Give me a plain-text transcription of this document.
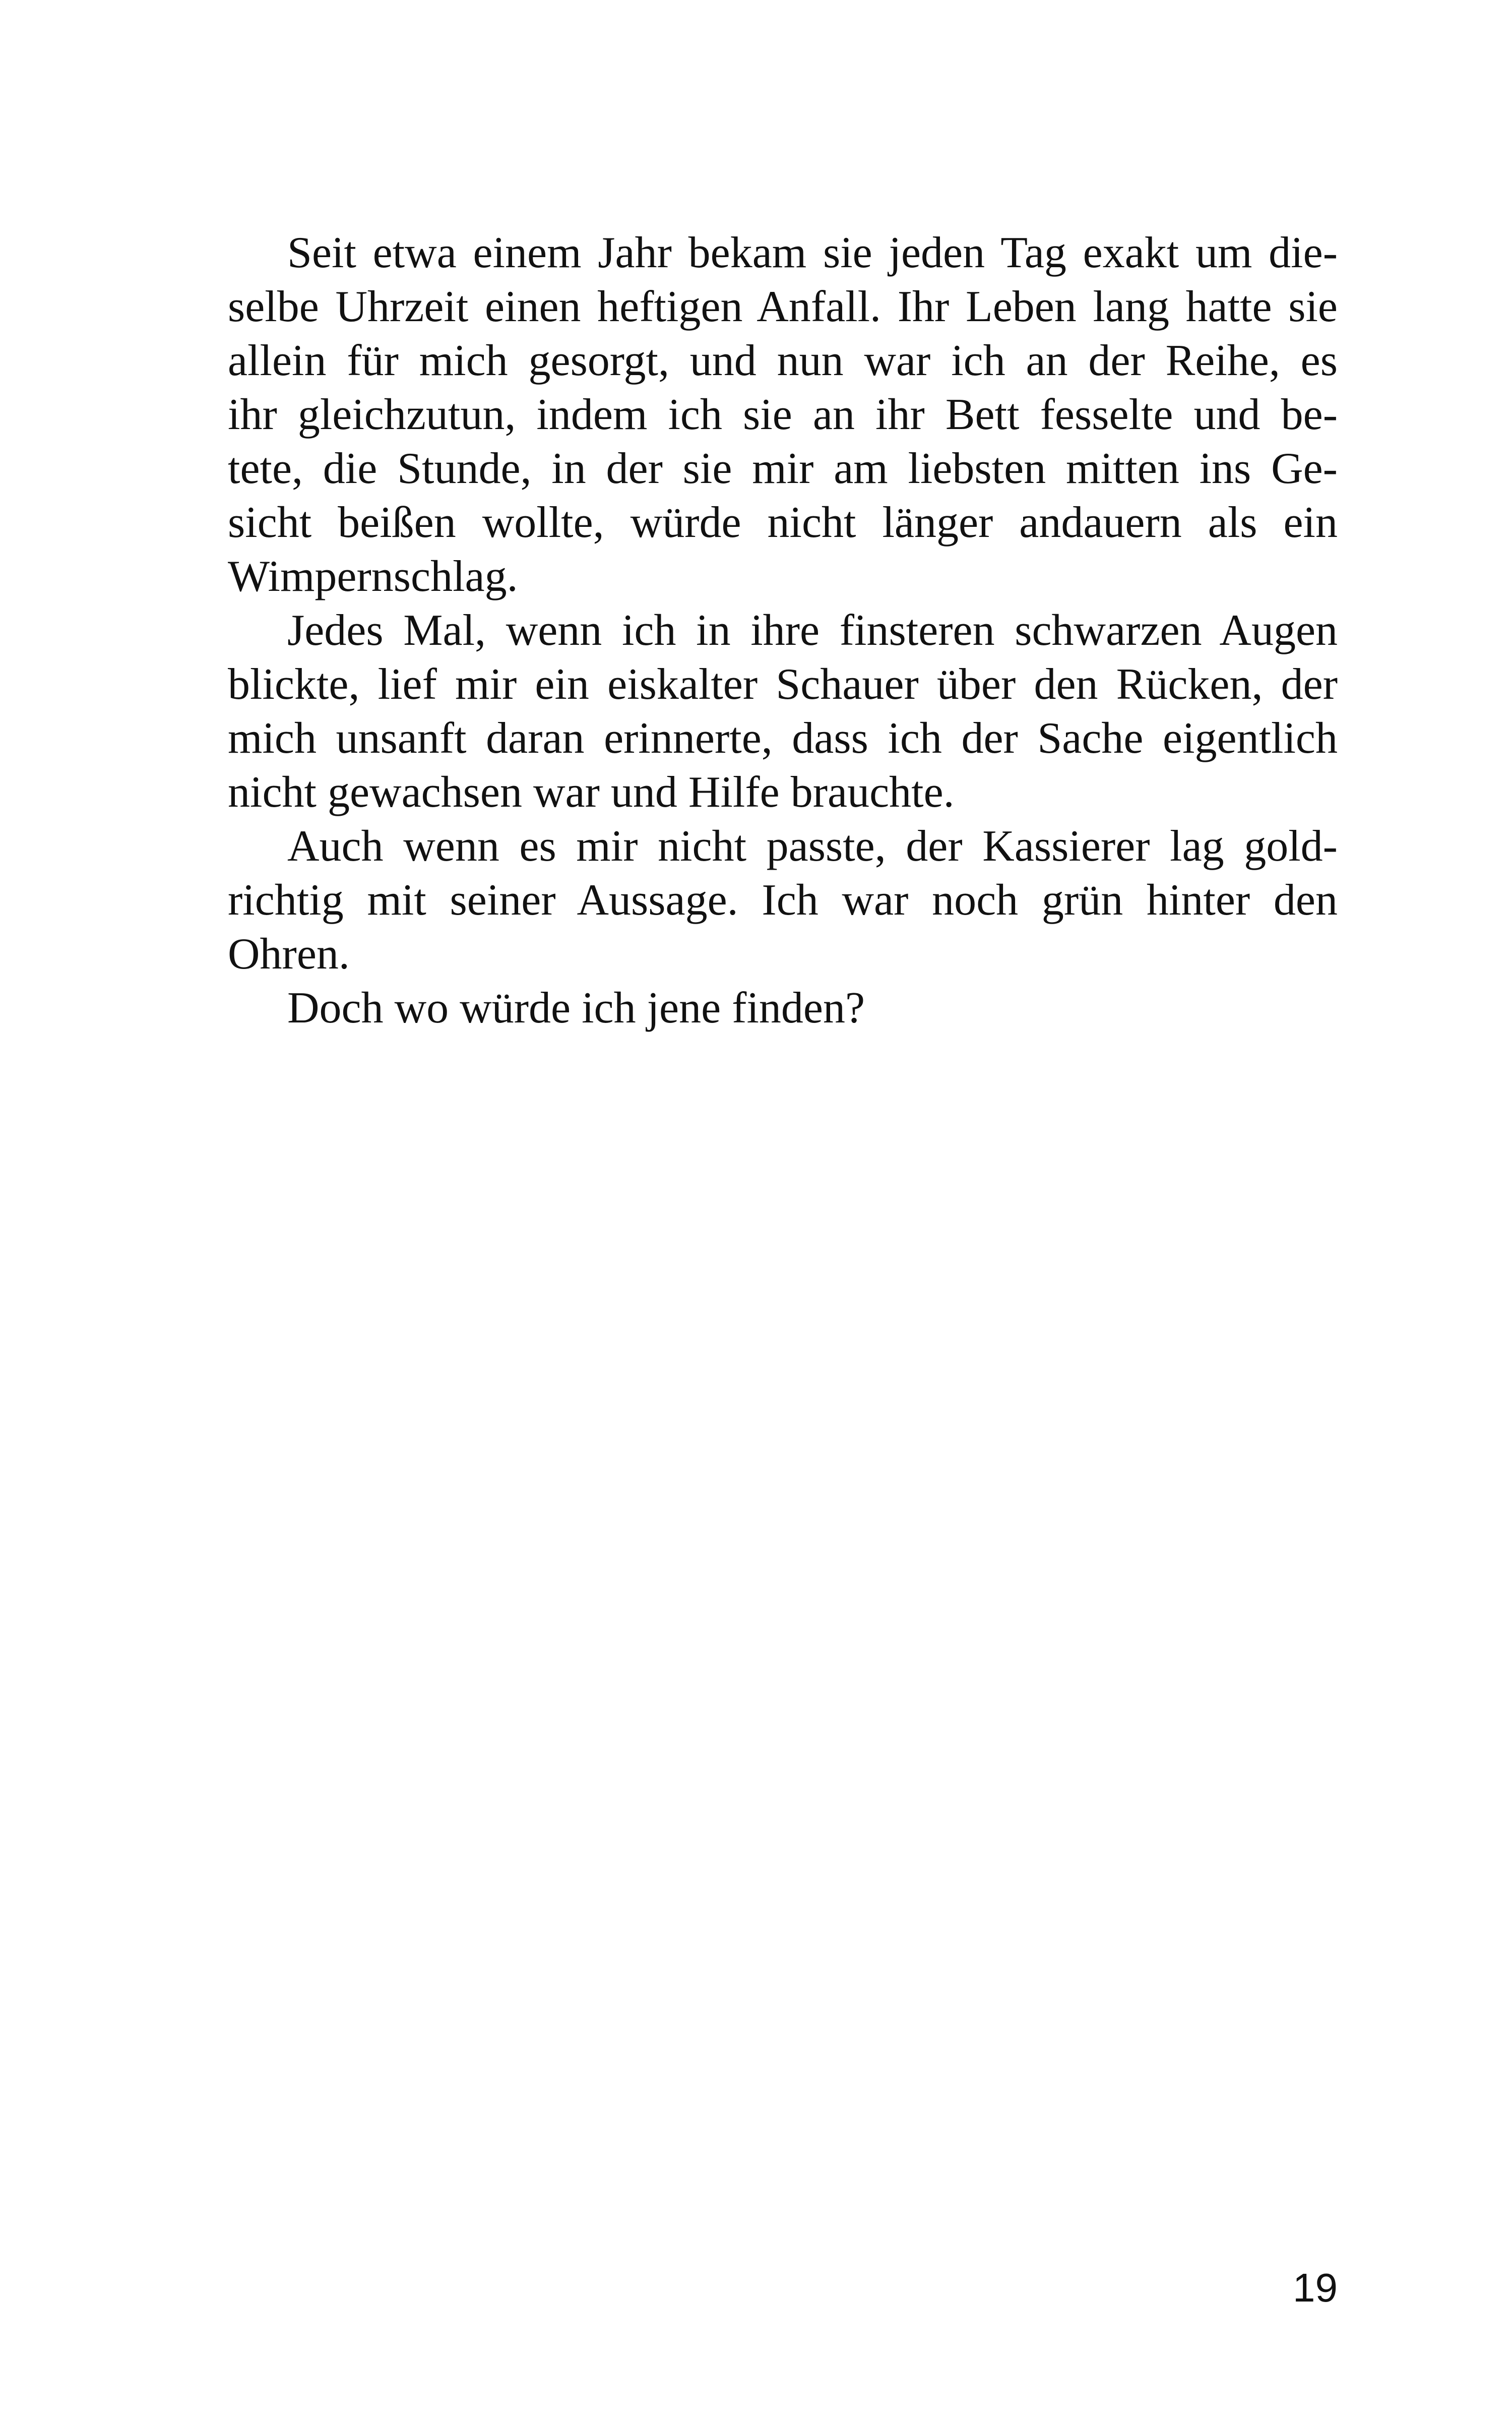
Seit etwa einem Jahr bekam sie jeden Tag exakt um die-
selbe Uhrzeit einen heftigen Anfall. Ihr Leben lang hatte sie
allein für mich gesorgt, und nun war ich an der Reihe, es
ihr gleichzutun, indem ich sie an ihr Bett fesselte und be-
tete, die Stunde, in der sie mir am liebsten mitten ins Ge-
sicht beißen wollte, würde nicht länger andauern als ein
Wimpernschlag.
Jedes Mal, wenn ich in ihre finsteren schwarzen Augen
blickte, lief mir ein eiskalter Schauer über den Rücken, der
mich unsanft daran erinnerte, dass ich der Sache eigentlich
nicht gewachsen war und Hilfe brauchte.
Auch wenn es mir nicht passte, der Kassierer lag gold-
richtig mit seiner Aussage. Ich war noch grün hinter den
Ohren.
Doch wo würde ich jene finden?
19
